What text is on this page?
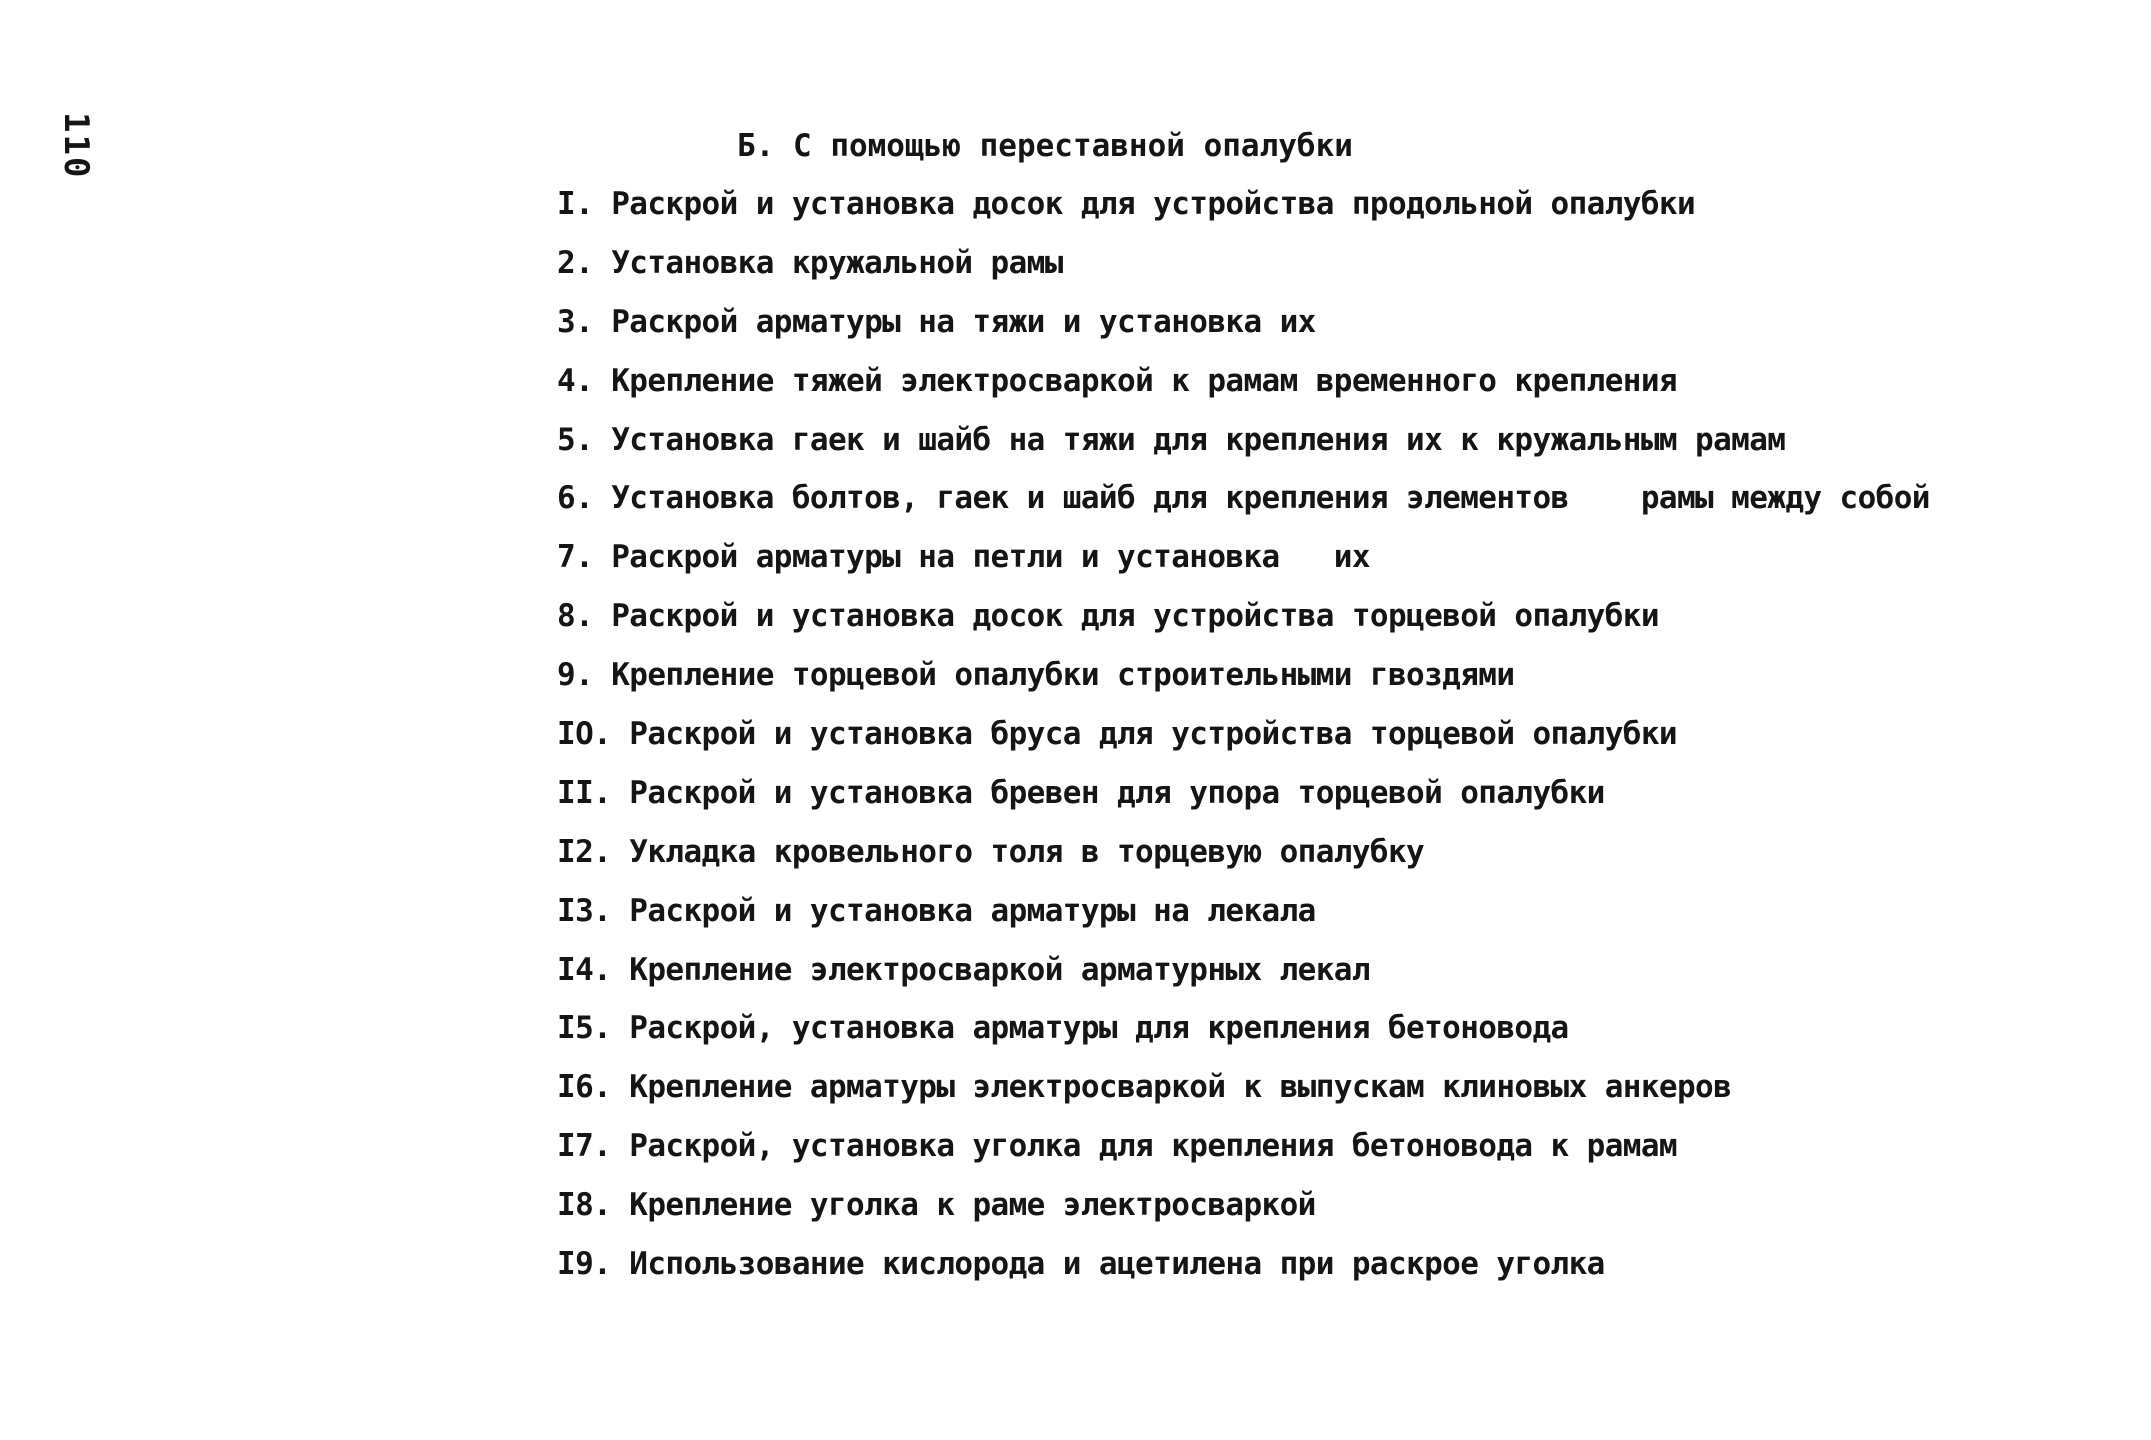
110	Б. С помощью переставной опалубки
I. Раскрой и установка досок для устройства продольной опалубки
2. Установка кружальной рамы
3. Раскрой арматуры на тяжи и установка их
4. Крепление тяжей электросваркой к рамам временного крепления
5. Установка гаек и шайб на тяжи для крепления их к кружальным рамам
6. Установка болтов, гаек и шайб для крепления элементов    рамы между собой
7. Раскрой арматуры на петли и установка   их
8. Раскрой и установка досок для устройства торцевой опалубки
9. Крепление торцевой опалубки строительными гвоздями
IO. Раскрой и установка бруса для устройства торцевой опалубки
II. Раскрой и установка бревен для упора торцевой опалубки
I2. Укладка кровельного толя в торцевую опалубку
I3. Раскрой и установка арматуры на лекала
I4. Крепление электросваркой арматурных лекал
I5. Раскрой, установка арматуры для крепления бетоновода
I6. Крепление арматуры электросваркой к выпускам клиновых анкеров
I7. Раскрой, установка уголка для крепления бетоновода к рамам
I8. Крепление уголка к раме электросваркой
I9. Использование кислорода и ацетилена при раскрое уголка
